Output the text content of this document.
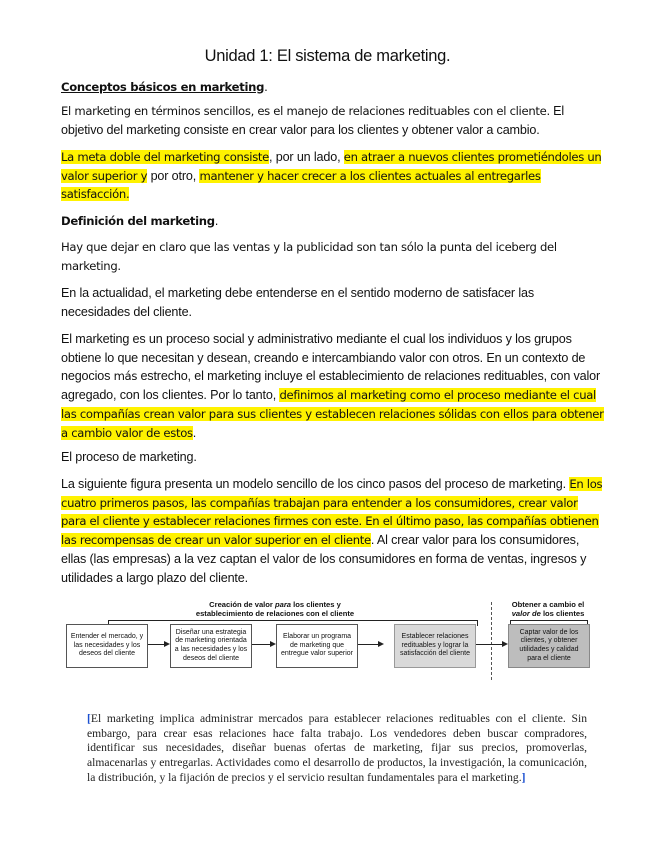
Unidad 1: El sistema de marketing.
Conceptos básicos en marketing.
El marketing en términos sencillos, es el manejo de relaciones redituables con el cliente. El objetivo del marketing consiste en crear valor para los clientes y obtener valor a cambio.
La meta doble del marketing consiste, por un lado, en atraer a nuevos clientes prometiéndoles un valor superior y por otro, mantener y hacer crecer a los clientes actuales al entregarles satisfacción.
Definición del marketing.
Hay que dejar en claro que las ventas y la publicidad son tan sólo la punta del iceberg del marketing.
En la actualidad, el marketing debe entenderse en el sentido moderno de satisfacer las necesidades del cliente.
El marketing es un proceso social y administrativo mediante el cual los individuos y los grupos obtiene lo que necesitan y desean, creando e intercambiando valor con otros. En un contexto de negocios más estrecho, el marketing incluye el establecimiento de relaciones redituables, con valor agregado, con los clientes. Por lo tanto, definimos al marketing como el proceso mediante el cual las compañías crean valor para sus clientes y establecen relaciones sólidas con ellos para obtener a cambio valor de estos.
El proceso de marketing.
La siguiente figura presenta un modelo sencillo de los cinco pasos del proceso de marketing. En los cuatro primeros pasos, las compañías trabajan para entender a los consumidores, crear valor para el cliente y establecer relaciones firmes con este. En el último paso, las compañías obtienen las recompensas de crear un valor superior en el cliente. Al crear valor para los consumidores, ellas (las empresas) a la vez captan el valor de los consumidores en forma de ventas, ingresos y utilidades a largo plazo del cliente.
Creación de valor para los clientes y
establecimiento de relaciones con el cliente
Obtener a cambio el
valor de los clientes
Entender el mercado, y las necesidades y los deseos del cliente
Diseñar una estrategia de marketing orientada a las necesidades y los deseos del cliente
Elaborar un programa de marketing que entregue valor superior
Establecer relaciones redituables y lograr la satisfacción del cliente
Captar valor de los clientes, y obtener utilidades y calidad para el cliente
[El marketing implica administrar mercados para establecer relaciones redituables con el cliente. Sin embargo, para crear esas relaciones hace falta trabajo. Los vendedores deben buscar compradores, identificar sus necesidades, diseñar buenas ofertas de marketing, fijar sus precios, promoverlas, almacenarlas y entregarlas. Actividades como el desarrollo de productos, la investigación, la comunicación, la distribución, y la fijación de precios y el servicio resultan fundamentales para el marketing.]
